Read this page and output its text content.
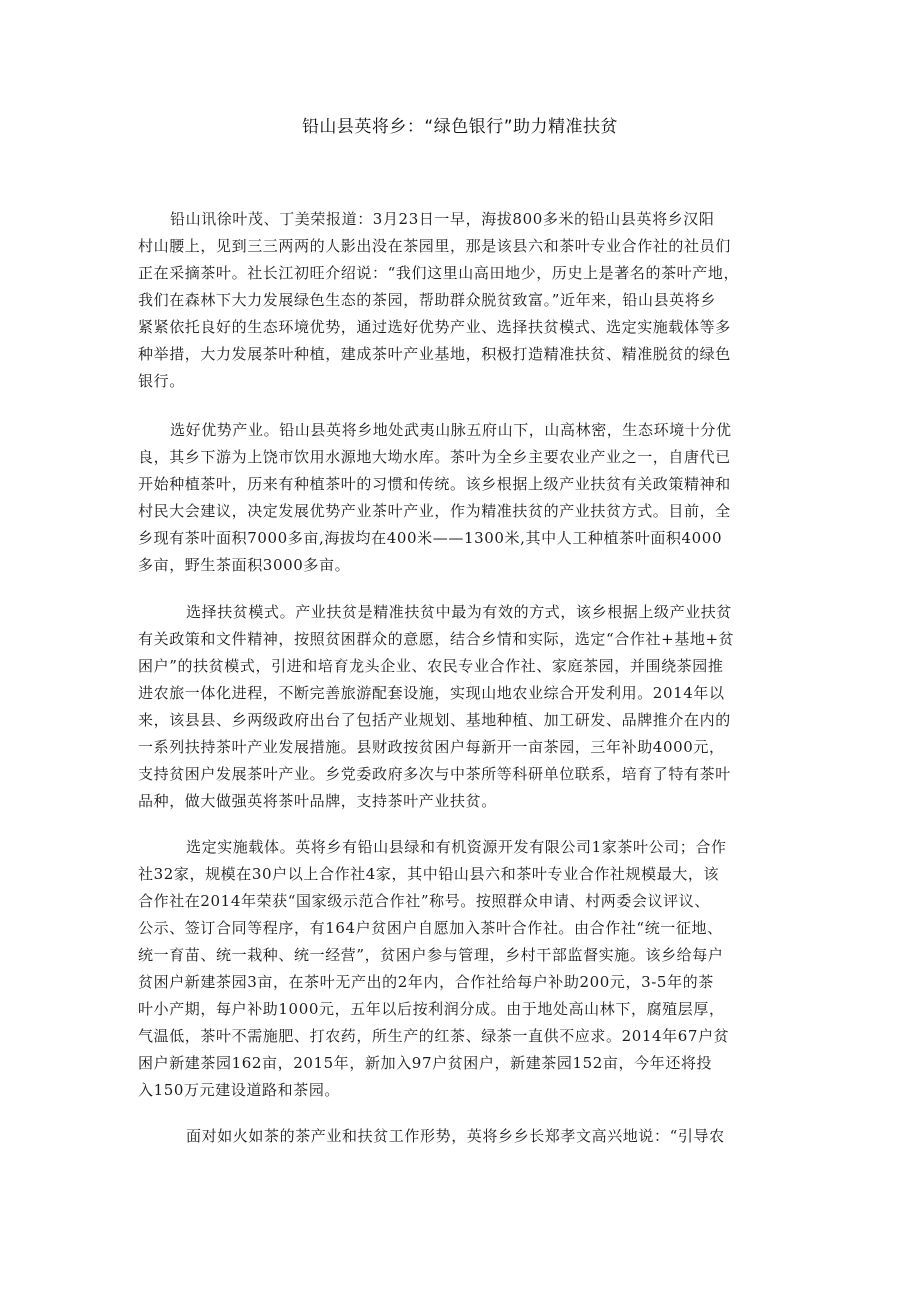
铅山县英将乡：“绿色银行”助力精准扶贫
铅山讯徐叶茂、丁美荣报道：3月23日一早，海拔800多米的铅山县英将乡汉阳
村山腰上，见到三三两两的人影出没在茶园里，那是该县六和茶叶专业合作社的社员们
正在采摘茶叶。社长江初旺介绍说：“我们这里山高田地少，历史上是著名的茶叶产地，
我们在森林下大力发展绿色生态的茶园，帮助群众脱贫致富。”近年来，铅山县英将乡
紧紧依托良好的生态环境优势，通过选好优势产业、选择扶贫模式、选定实施载体等多
种举措，大力发展茶叶种植，建成茶叶产业基地，积极打造精准扶贫、精准脱贫的绿色
银行。
选好优势产业。铅山县英将乡地处武夷山脉五府山下，山高林密，生态环境十分优
良，其乡下游为上饶市饮用水源地大坳水库。茶叶为全乡主要农业产业之一，自唐代已
开始种植茶叶，历来有种植茶叶的习惯和传统。该乡根据上级产业扶贫有关政策精神和
村民大会建议，决定发展优势产业茶叶产业，作为精准扶贫的产业扶贫方式。目前，全
乡现有茶叶面积7000多亩,海拔均在400米——1300米,其中人工种植茶叶面积4000
多亩，野生茶面积3000多亩。
选择扶贫模式。产业扶贫是精准扶贫中最为有效的方式，该乡根据上级产业扶贫
有关政策和文件精神，按照贫困群众的意愿，结合乡情和实际，选定“合作社+基地+贫
困户”的扶贫模式，引进和培育龙头企业、农民专业合作社、家庭茶园，并围绕茶园推
进农旅一体化进程，不断完善旅游配套设施，实现山地农业综合开发利用。2014年以
来，该县县、乡两级政府出台了包括产业规划、基地种植、加工研发、品牌推介在内的
一系列扶持茶叶产业发展措施。县财政按贫困户每新开一亩茶园，三年补助4000元，
支持贫困户发展茶叶产业。乡党委政府多次与中茶所等科研单位联系，培育了特有茶叶
品种，做大做强英将茶叶品牌，支持茶叶产业扶贫。
选定实施载体。英将乡有铅山县绿和有机资源开发有限公司1家茶叶公司；合作
社32家，规模在30户以上合作社4家，其中铅山县六和茶叶专业合作社规模最大，该
合作社在2014年荣获“国家级示范合作社”称号。按照群众申请、村两委会议评议、
公示、签订合同等程序，有164户贫困户自愿加入茶叶合作社。由合作社“统一征地、
统一育苗、统一栽种、统一经营”，贫困户参与管理，乡村干部监督实施。该乡给每户
贫困户新建茶园3亩，在茶叶无产出的2年内，合作社给每户补助200元，3-5年的茶
叶小产期，每户补助1000元，五年以后按利润分成。由于地处高山林下，腐殖层厚，
气温低，茶叶不需施肥、打农药，所生产的红茶、绿茶一直供不应求。2014年67户贫
困户新建茶园162亩，2015年，新加入97户贫困户，新建茶园152亩，今年还将投
入150万元建设道路和茶园。
面对如火如茶的茶产业和扶贫工作形势，英将乡乡长郑孝文高兴地说：“引导农
